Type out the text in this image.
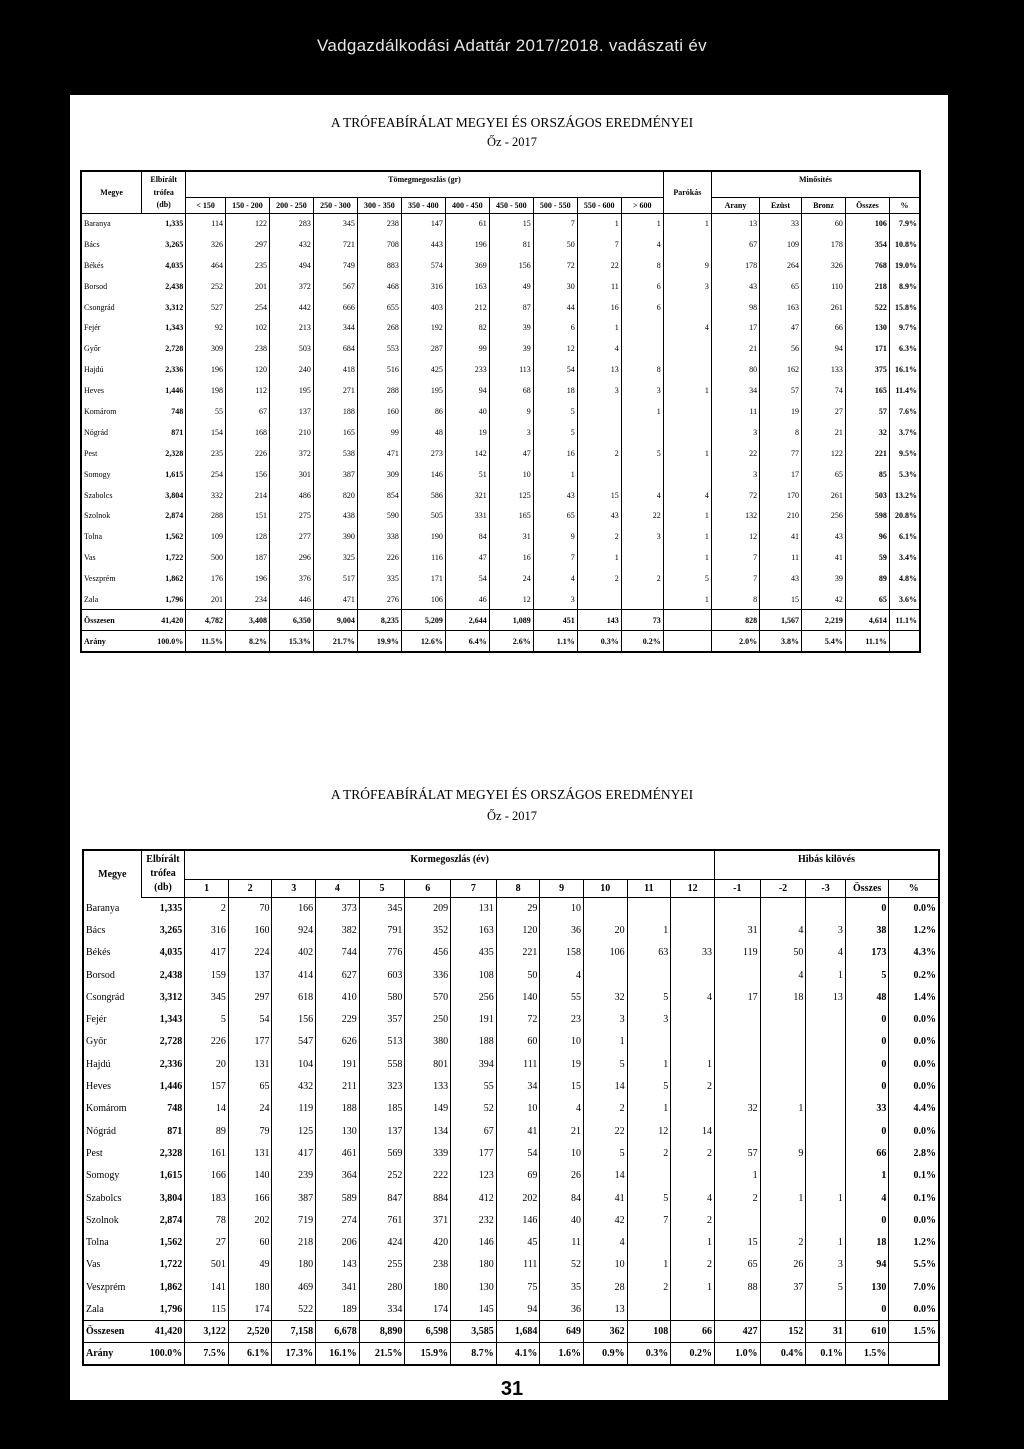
Vadgazdálkodási Adattár 2017/2018. vadászati év
A TRÓFEABÍRÁLAT MEGYEI ÉS ORSZÁGOS EREDMÉNYEI
Őz - 2017
Megye	Elbírált	Tömegmegoszlás (gr)											Parókás	Minősítés				
	trófea																	
	(db)	< 150	150 - 200	200 - 250	250 - 300	300 - 350	350 - 400	400 - 450	450 - 500	500 - 550	550 - 600	> 600		Arany	Ezüst	Bronz	Összes	%
Baranya	1,335	114	122	283	345	238	147	61	15	7	1	1	1	13	33	60	106	7.9%
Bács	3,265	326	297	432	721	708	443	196	81	50	7	4		67	109	178	354	10.8%
Békés	4,035	464	235	494	749	883	574	369	156	72	22	8	9	178	264	326	768	19.0%
Borsod	2,438	252	201	372	567	468	316	163	49	30	11	6	3	43	65	110	218	8.9%
Csongrád	3,312	527	254	442	666	655	403	212	87	44	16	6		98	163	261	522	15.8%
Fejér	1,343	92	102	213	344	268	192	82	39	6	1		4	17	47	66	130	9.7%
Győr	2,728	309	238	503	684	553	287	99	39	12	4			21	56	94	171	6.3%
Hajdú	2,336	196	120	240	418	516	425	233	113	54	13	8		80	162	133	375	16.1%
Heves	1,446	198	112	195	271	288	195	94	68	18	3	3	1	34	57	74	165	11.4%
Komárom	748	55	67	137	188	160	86	40	9	5		1		11	19	27	57	7.6%
Nógrád	871	154	168	210	165	99	48	19	3	5				3	8	21	32	3.7%
Pest	2,328	235	226	372	538	471	273	142	47	16	2	5	1	22	77	122	221	9.5%
Somogy	1,615	254	156	301	387	309	146	51	10	1				3	17	65	85	5.3%
Szabolcs	3,804	332	214	486	820	854	586	321	125	43	15	4	4	72	170	261	503	13.2%
Szolnok	2,874	288	151	275	438	590	505	331	165	65	43	22	1	132	210	256	598	20.8%
Tolna	1,562	109	128	277	390	338	190	84	31	9	2	3	1	12	41	43	96	6.1%
Vas	1,722	500	187	296	325	226	116	47	16	7	1		1	7	11	41	59	3.4%
Veszprém	1,862	176	196	376	517	335	171	54	24	4	2	2	5	7	43	39	89	4.8%
Zala	1,796	201	234	446	471	276	106	46	12	3			1	8	15	42	65	3.6%
Összesen	41,420	4,782	3,408	6,350	9,004	8,235	5,209	2,644	1,089	451	143	73		828	1,567	2,219	4,614	11.1%
Arány	100.0%	11.5%	8.2%	15.3%	21.7%	19.9%	12.6%	6.4%	2.6%	1.1%	0.3%	0.2%		2.0%	3.8%	5.4%	11.1%	
A TRÓFEABÍRÁLAT MEGYEI ÉS ORSZÁGOS EREDMÉNYEI
Őz - 2017
Megye	Elbírált	Kormegoszlás (év)												Hibás kilövés				
	trófea																	
	(db)	1	2	3	4	5	6	7	8	9	10	11	12	-1	-2	-3	Összes	%
Baranya	1,335	2	70	166	373	345	209	131	29	10							0	0.0%
Bács	3,265	316	160	924	382	791	352	163	120	36	20	1		31	4	3	38	1.2%
Békés	4,035	417	224	402	744	776	456	435	221	158	106	63	33	119	50	4	173	4.3%
Borsod	2,438	159	137	414	627	603	336	108	50	4					4	1	5	0.2%
Csongrád	3,312	345	297	618	410	580	570	256	140	55	32	5	4	17	18	13	48	1.4%
Fejér	1,343	5	54	156	229	357	250	191	72	23	3	3					0	0.0%
Győr	2,728	226	177	547	626	513	380	188	60	10	1						0	0.0%
Hajdú	2,336	20	131	104	191	558	801	394	111	19	5	1	1				0	0.0%
Heves	1,446	157	65	432	211	323	133	55	34	15	14	5	2				0	0.0%
Komárom	748	14	24	119	188	185	149	52	10	4	2	1		32	1		33	4.4%
Nógrád	871	89	79	125	130	137	134	67	41	21	22	12	14				0	0.0%
Pest	2,328	161	131	417	461	569	339	177	54	10	5	2	2	57	9		66	2.8%
Somogy	1,615	166	140	239	364	252	222	123	69	26	14			1			1	0.1%
Szabolcs	3,804	183	166	387	589	847	884	412	202	84	41	5	4	2	1	1	4	0.1%
Szolnok	2,874	78	202	719	274	761	371	232	146	40	42	7	2				0	0.0%
Tolna	1,562	27	60	218	206	424	420	146	45	11	4		1	15	2	1	18	1.2%
Vas	1,722	501	49	180	143	255	238	180	111	52	10	1	2	65	26	3	94	5.5%
Veszprém	1,862	141	180	469	341	280	180	130	75	35	28	2	1	88	37	5	130	7.0%
Zala	1,796	115	174	522	189	334	174	145	94	36	13						0	0.0%
Összesen	41,420	3,122	2,520	7,158	6,678	8,890	6,598	3,585	1,684	649	362	108	66	427	152	31	610	1.5%
Arány	100.0%	7.5%	6.1%	17.3%	16.1%	21.5%	15.9%	8.7%	4.1%	1.6%	0.9%	0.3%	0.2%	1.0%	0.4%	0.1%	1.5%	
31
